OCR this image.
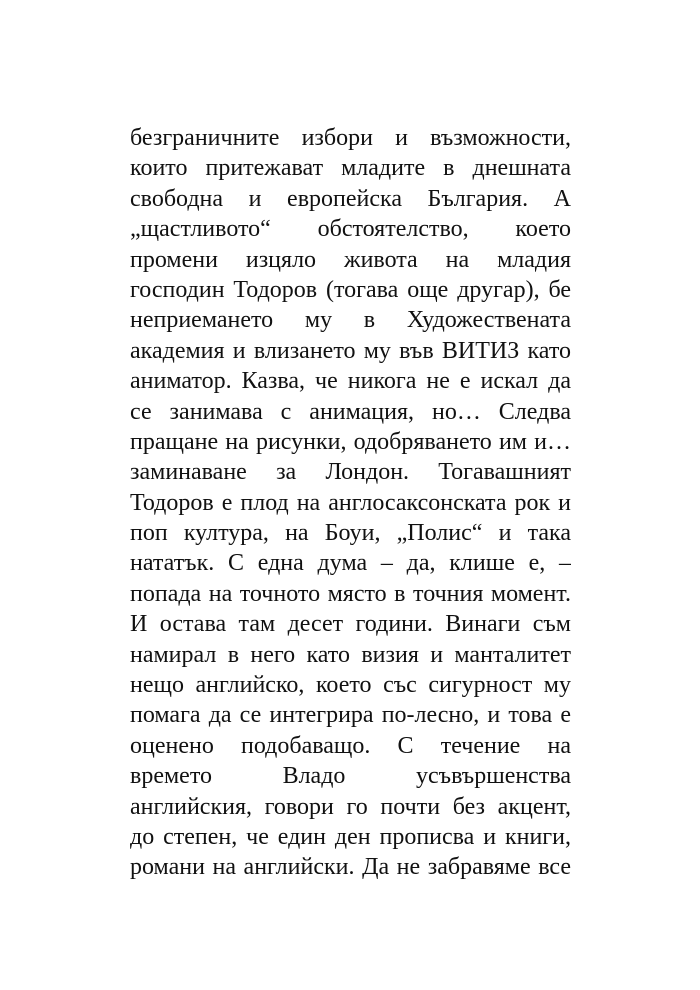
безграничните избори и възможности,
които притежават младите в днешната
свободна и европейска България. А
„щастливото“ обстоятелство, което
промени изцяло живота на младия
господин Тодоров (тогава още другар), бе
неприемането му в Художествената
академия и влизането му във ВИТИЗ като
аниматор. Казва, че никога не е искал да
се занимава с анимация, но… Следва
пращане на рисунки, одобряването им и…
заминаване за Лондон. Тогавашният
Тодоров е плод на англосаксонската рок и
поп култура, на Боуи, „Полис“ и така
нататък. С една дума – да, клише е, –
попада на точното място в точния момент.
И остава там десет години. Винаги съм
намирал в него като визия и манталитет
нещо английско, което със сигурност му
помага да се интегрира по-лесно, и това е
оценено подобаващо. С течение на
времето Владо усъвършенства
английския, говори го почти без акцент,
до степен, че един ден прописва и книги,
романи на английски. Да не забравяме все
